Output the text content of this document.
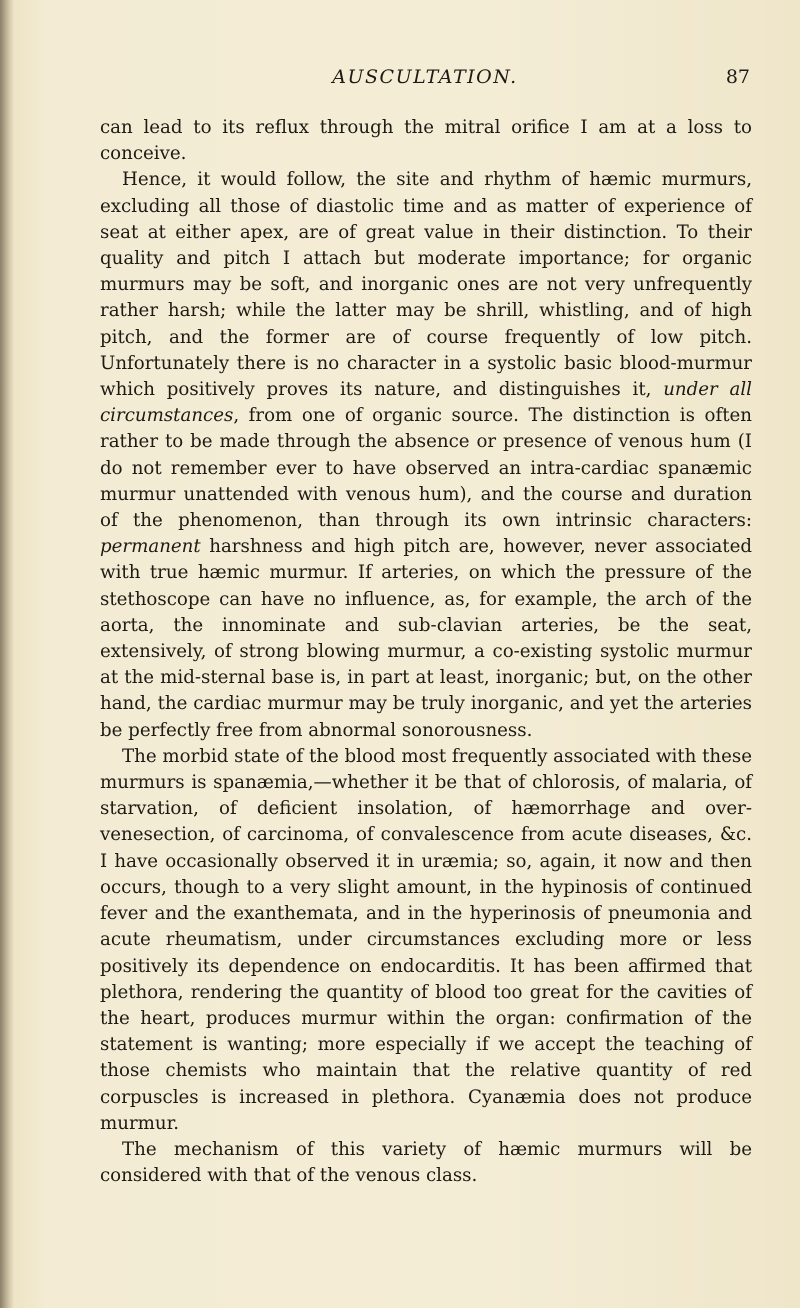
AUSCULTATION.	87

can lead to its reflux through the mitral orifice I am at a loss to conceive.

Hence, it would follow, the site and rhythm of hæmic murmurs, excluding all those of diastolic time and as matter of experience of seat at either apex, are of great value in their distinction. To their quality and pitch I attach but moderate importance; for organic murmurs may be soft, and inorganic ones are not very unfrequently rather harsh; while the latter may be shrill, whistling, and of high pitch, and the former are of course frequently of low pitch. Unfortunately there is no character in a systolic basic blood-murmur which positively proves its nature, and distinguishes it, under all circumstances, from one of organic source. The distinction is often rather to be made through the absence or presence of venous hum (I do not remember ever to have observed an intra-cardiac spanæmic murmur unattended with venous hum), and the course and duration of the phenomenon, than through its own intrinsic characters: permanent harshness and high pitch are, however, never associated with true hæmic murmur. If arteries, on which the pressure of the stethoscope can have no influence, as, for example, the arch of the aorta, the innominate and sub-clavian arteries, be the seat, extensively, of strong blowing murmur, a co-existing systolic murmur at the mid-sternal base is, in part at least, inorganic; but, on the other hand, the cardiac murmur may be truly inorganic, and yet the arteries be perfectly free from abnormal sonorousness.

The morbid state of the blood most frequently associated with these murmurs is spanæmia,—whether it be that of chlorosis, of malaria, of starvation, of deficient insolation, of hæmorrhage and over-venesection, of carcinoma, of convalescence from acute diseases, &c. I have occasionally observed it in uræmia; so, again, it now and then occurs, though to a very slight amount, in the hypinosis of continued fever and the exanthemata, and in the hyperinosis of pneumonia and acute rheumatism, under circumstances excluding more or less positively its dependence on endocarditis. It has been affirmed that plethora, rendering the quantity of blood too great for the cavities of the heart, produces murmur within the organ: confirmation of the statement is wanting; more especially if we accept the teaching of those chemists who maintain that the relative quantity of red corpuscles is increased in plethora. Cyanæmia does not produce murmur.

The mechanism of this variety of hæmic murmurs will be considered with that of the venous class.
